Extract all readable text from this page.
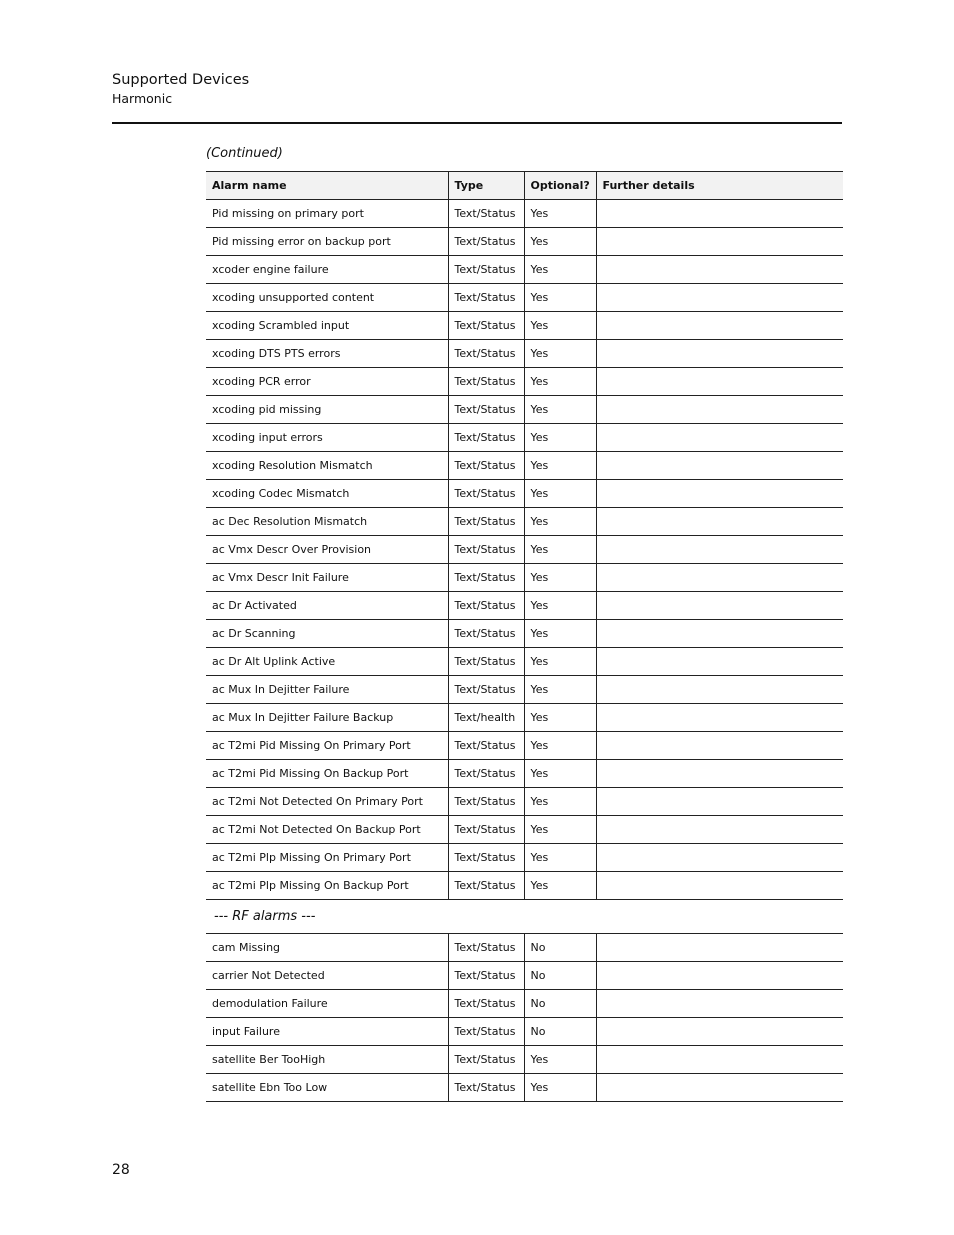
Supported Devices
Harmonic
(Continued)
Alarm name	Type	Optional?	Further details
Pid missing on primary port	Text/Status	Yes	
Pid missing error on backup port	Text/Status	Yes	
xcoder engine failure	Text/Status	Yes	
xcoding unsupported content	Text/Status	Yes	
xcoding Scrambled input	Text/Status	Yes	
xcoding DTS PTS errors	Text/Status	Yes	
xcoding PCR error	Text/Status	Yes	
xcoding pid missing	Text/Status	Yes	
xcoding input errors	Text/Status	Yes	
xcoding Resolution Mismatch	Text/Status	Yes	
xcoding Codec Mismatch	Text/Status	Yes	
ac Dec Resolution Mismatch	Text/Status	Yes	
ac Vmx Descr Over Provision	Text/Status	Yes	
ac Vmx Descr Init Failure	Text/Status	Yes	
ac Dr Activated	Text/Status	Yes	
ac Dr Scanning	Text/Status	Yes	
ac Dr Alt Uplink Active	Text/Status	Yes	
ac Mux In Dejitter Failure	Text/Status	Yes	
ac Mux In Dejitter Failure Backup	Text/health	Yes	
ac T2mi Pid Missing On Primary Port	Text/Status	Yes	
ac T2mi Pid Missing On Backup Port	Text/Status	Yes	
ac T2mi Not Detected On Primary Port	Text/Status	Yes	
ac T2mi Not Detected On Backup Port	Text/Status	Yes	
ac T2mi Plp Missing On Primary Port	Text/Status	Yes	
ac T2mi Plp Missing On Backup Port	Text/Status	Yes	
--- RF alarms ---			
cam Missing	Text/Status	No	
carrier Not Detected	Text/Status	No	
demodulation Failure	Text/Status	No	
input Failure	Text/Status	No	
satellite Ber TooHigh	Text/Status	Yes	
satellite Ebn Too Low	Text/Status	Yes	
28
